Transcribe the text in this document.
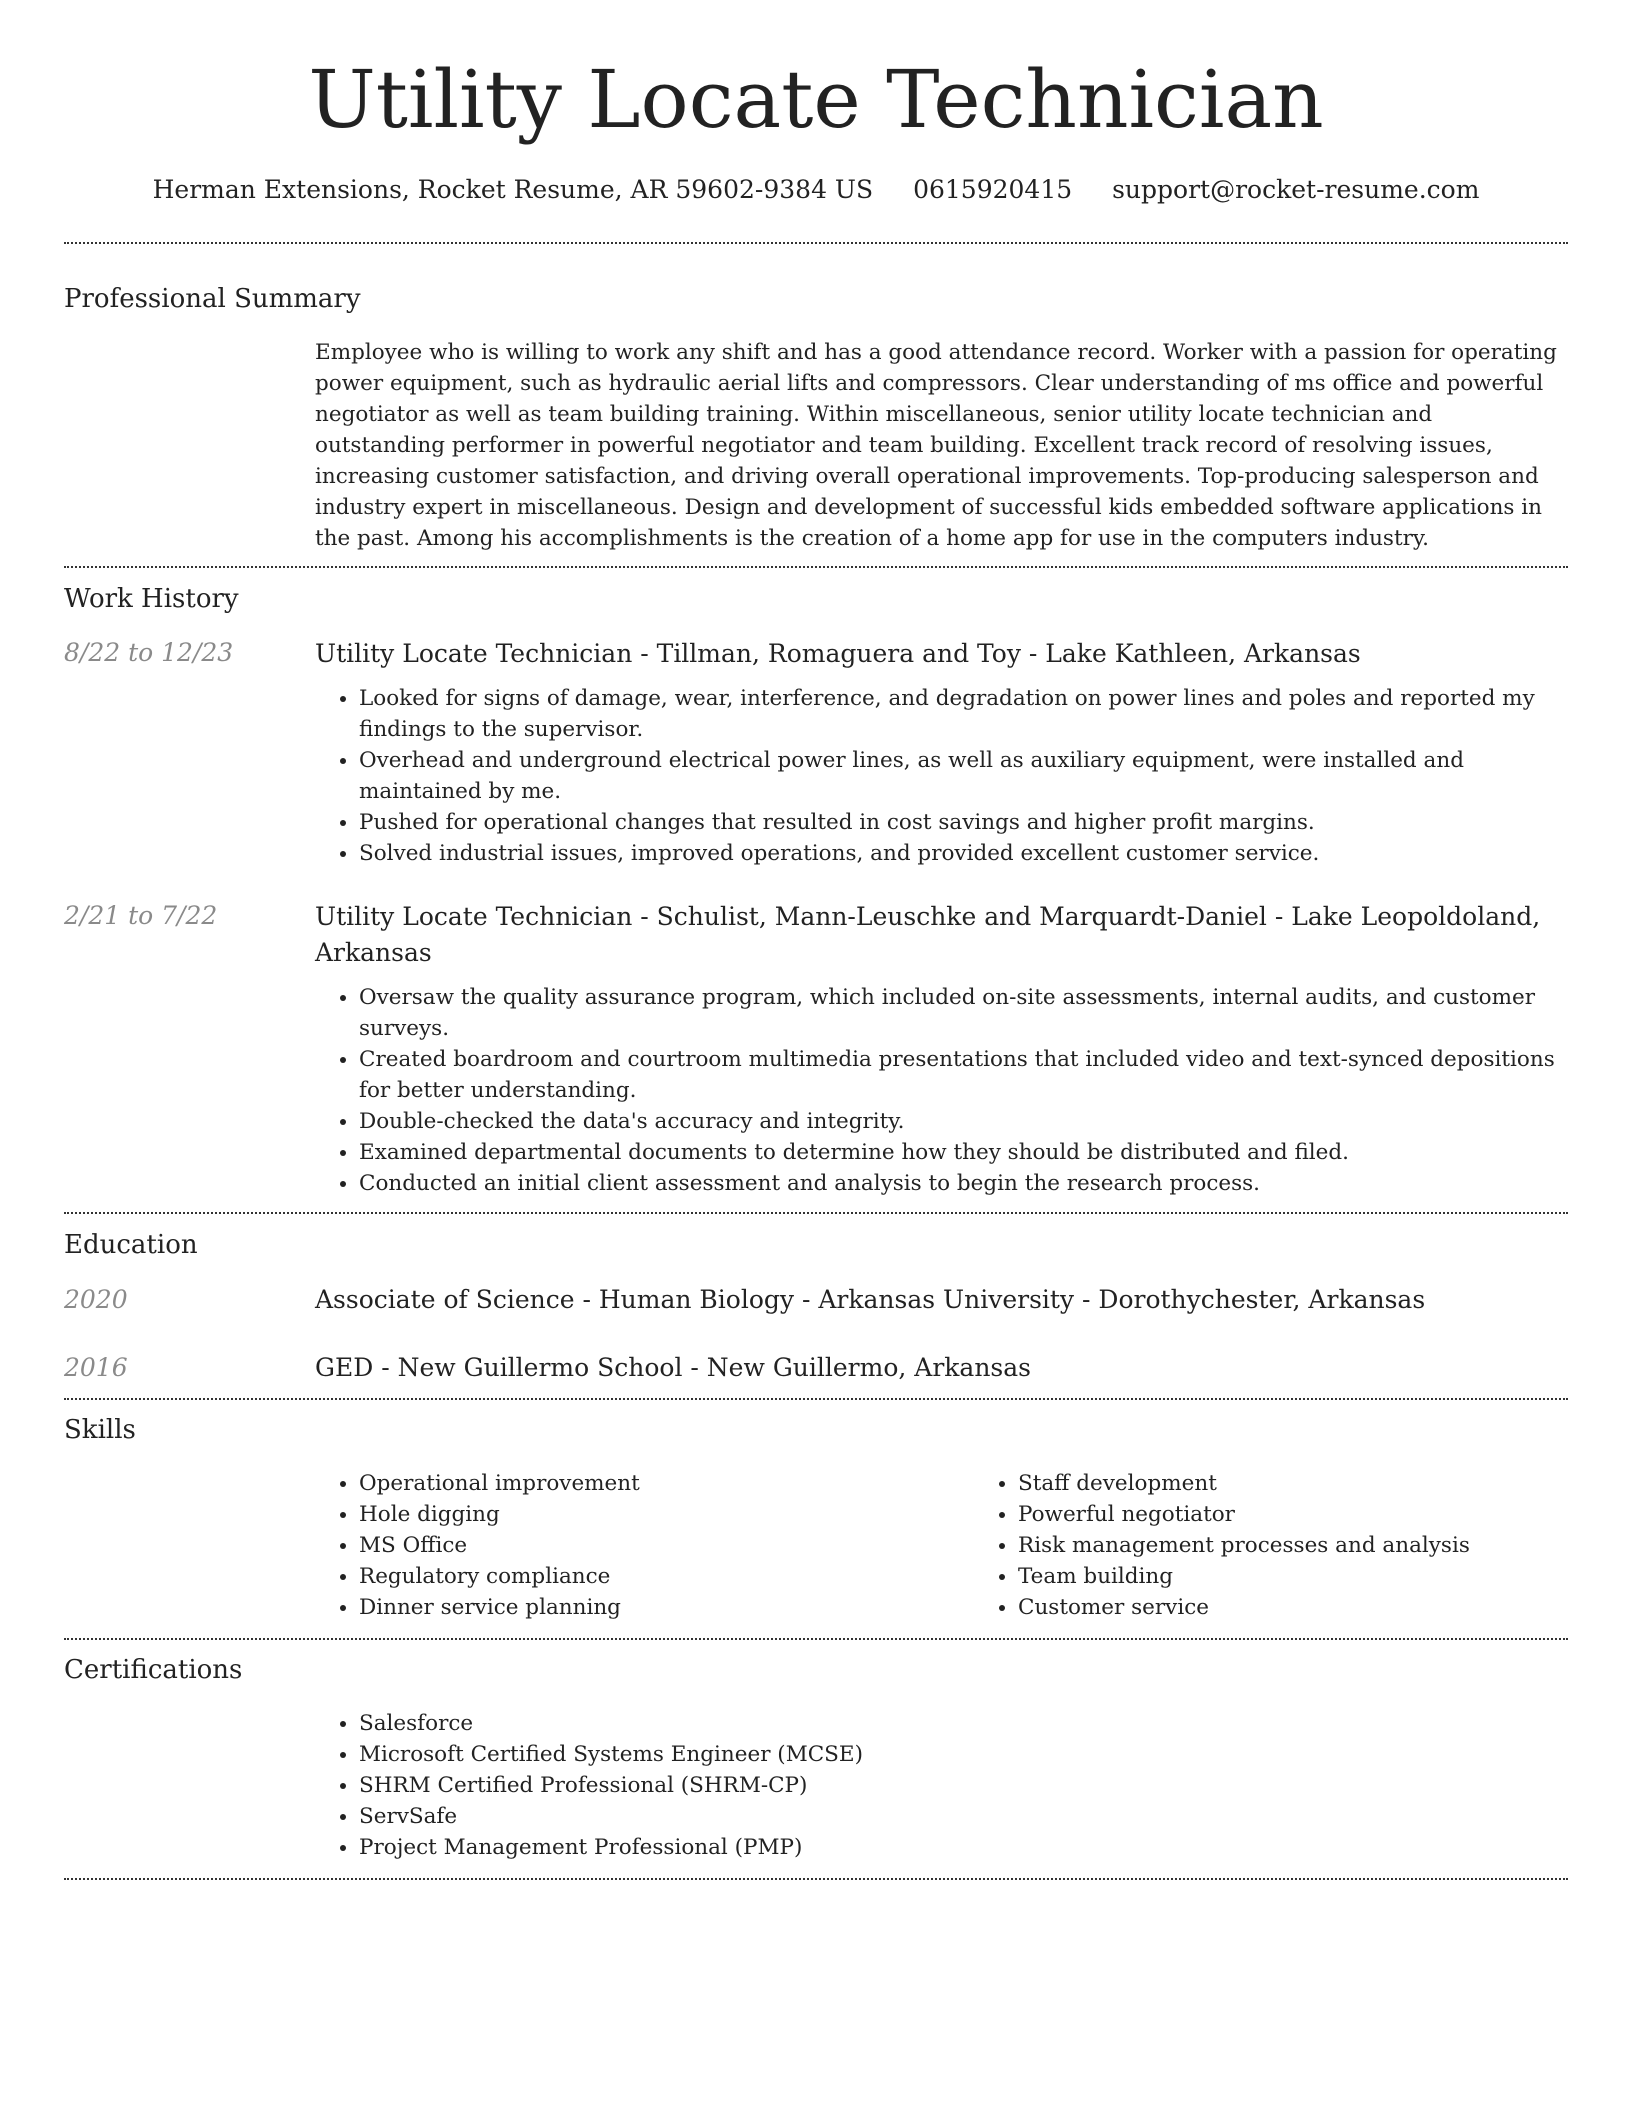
Utility Locate Technician
Herman Extensions, Rocket Resume, AR 59602-9384 US 0615920415 support@rocket-resume.com
Professional Summary

Employee who is willing to work any shift and has a good attendance record. Worker with a passion for operating power equipment, such as hydraulic aerial lifts and compressors. Clear understanding of ms office and powerful negotiator as well as team building training. Within miscellaneous, senior utility locate technician and outstanding performer in powerful negotiator and team building. Excellent track record of resolving issues, increasing customer satisfaction, and driving overall operational improvements. Top-producing salesperson and industry expert in miscellaneous. Design and development of successful kids embedded software applications in the past. Among his accomplishments is the creation of a home app for use in the computers industry.

Work History
8/22 to 12/23	Utility Locate Technician - Tillman, Romaguera and Toy - Lake Kathleen, Arkansas

• Looked for signs of damage, wear, interference, and degradation on power lines and poles and reported my findings to the supervisor.
• Overhead and underground electrical power lines, as well as auxiliary equipment, were installed and maintained by me.
• Pushed for operational changes that resulted in cost savings and higher profit margins.
• Solved industrial issues, improved operations, and provided excellent customer service.
2/21 to 7/22	Utility Locate Technician - Schulist, Mann-Leuschke and Marquardt-Daniel - Lake Leopoldoland, Arkansas

• Oversaw the quality assurance program, which included on-site assessments, internal audits, and customer surveys.
• Created boardroom and courtroom multimedia presentations that included video and text-synced depositions for better understanding.
• Double-checked the data's accuracy and integrity.
• Examined departmental documents to determine how they should be distributed and filed.
• Conducted an initial client assessment and analysis to begin the research process.
Education
2020	Associate of Science - Human Biology - Arkansas University - Dorothychester, Arkansas
2016	GED - New Guillermo School - New Guillermo, Arkansas
Skills
• Operational improvement
• Hole digging
• MS Office
• Regulatory compliance
• Dinner service planning
• Staff development
• Powerful negotiator
• Risk management processes and analysis
• Team building
• Customer service
Certifications
• Salesforce
• Microsoft Certified Systems Engineer (MCSE)
• SHRM Certified Professional (SHRM-CP)
• ServSafe
• Project Management Professional (PMP)
